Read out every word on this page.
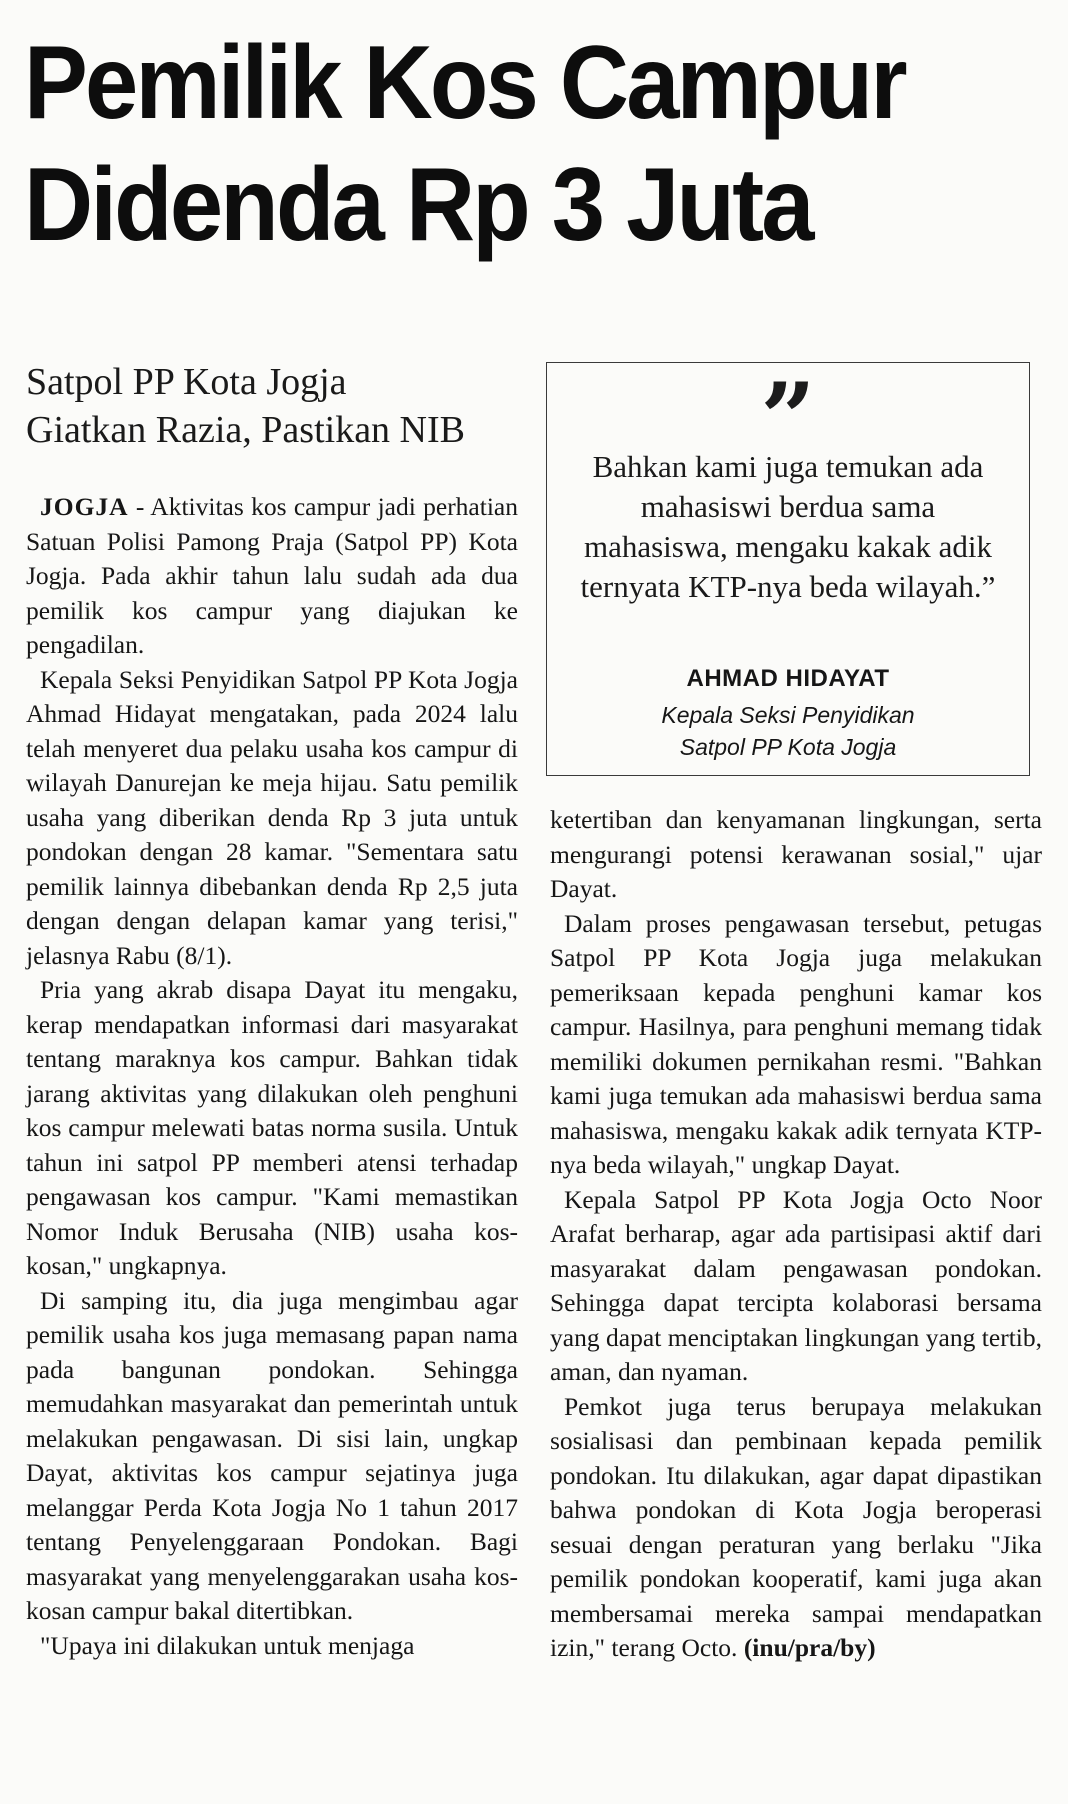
Pemilik Kos Campur
Didenda Rp 3 Juta
Satpol PP Kota Jogja
Giatkan Razia, Pastikan NIB	”
Bahkan kami juga temukan ada mahasiswi berdua sama mahasiswa, mengaku kakak adik ternyata KTP-nya beda wilayah.”
AHMAD HIDAYAT
Kepala Seksi Penyidikan
Satpol PP Kota Jogja

JOGJA - Aktivitas kos campur jadi perhatian Satuan Polisi Pamong Praja (Satpol PP) Kota Jogja. Pada akhir tahun lalu sudah ada dua pemilik kos campur yang diajukan ke pengadilan.

Kepala Seksi Penyidikan Satpol PP Kota Jogja Ahmad Hidayat mengatakan, pada 2024 lalu telah menyeret dua pelaku usaha kos campur di wilayah Danurejan ke meja hijau. Satu pemilik usaha yang diberikan denda Rp 3 juta untuk pondokan dengan 28 kamar. "Sementara satu pemilik lainnya dibebankan denda Rp 2,5 juta dengan dengan delapan kamar yang terisi," jelasnya Rabu (8/1).

Pria yang akrab disapa Dayat itu mengaku, kerap mendapatkan informasi dari masyarakat tentang maraknya kos campur. Bahkan tidak jarang aktivitas yang dilakukan oleh penghuni kos campur melewati batas norma susila. Untuk tahun ini satpol PP memberi atensi terhadap pengawasan kos campur. "Kami memastikan Nomor Induk Berusaha (NIB) usaha kos-kosan," ungkapnya.

Di samping itu, dia juga mengimbau agar pemilik usaha kos juga memasang papan nama pada bangunan pondokan. Sehingga memudahkan masyarakat dan pemerintah untuk melakukan pengawasan. Di sisi lain, ungkap Dayat, aktivitas kos campur sejatinya juga melanggar Perda Kota Jogja No 1 tahun 2017 tentang Penyelenggaraan Pondokan. Bagi masyarakat yang menyelenggarakan usaha kos-kosan campur bakal ditertibkan.

"Upaya ini dilakukan untuk menjaga

ketertiban dan kenyamanan lingkungan, serta mengurangi potensi kerawanan sosial," ujar Dayat.

Dalam proses pengawasan tersebut, petugas Satpol PP Kota Jogja juga melakukan pemeriksaan kepada penghuni kamar kos campur. Hasilnya, para penghuni memang tidak memiliki dokumen pernikahan resmi. "Bahkan kami juga temukan ada mahasiswi berdua sama mahasiswa, mengaku kakak adik ternyata KTP-nya beda wilayah," ungkap Dayat.

Kepala Satpol PP Kota Jogja Octo Noor Arafat berharap, agar ada partisipasi aktif dari masyarakat dalam pengawasan pondokan. Sehingga dapat tercipta kolaborasi bersama yang dapat menciptakan lingkungan yang tertib, aman, dan nyaman.

Pemkot juga terus berupaya melakukan sosialisasi dan pembinaan kepada pemilik pondokan. Itu dilakukan, agar dapat dipastikan bahwa pondokan di Kota Jogja beroperasi sesuai dengan peraturan yang berlaku "Jika pemilik pondokan kooperatif, kami juga akan membersamai mereka sampai mendapatkan izin," terang Octo. (inu/pra/by)
